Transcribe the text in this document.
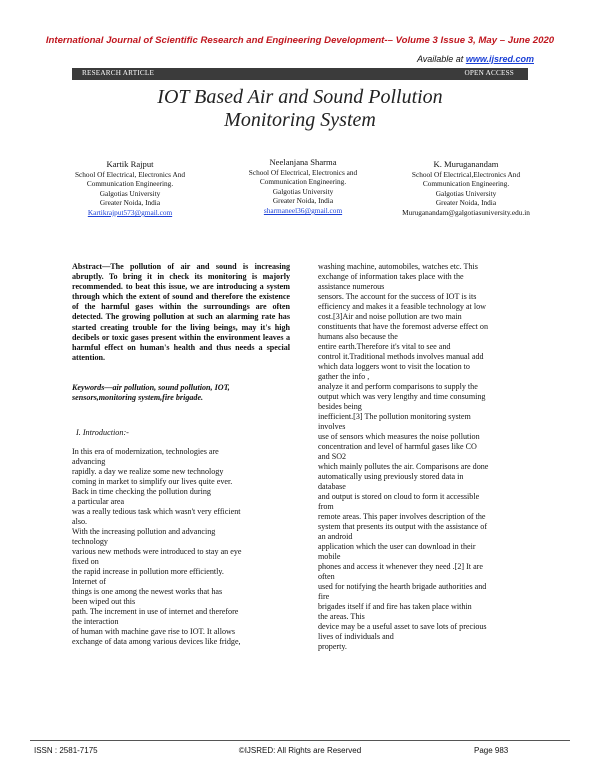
International Journal of Scientific Research and Engineering Development-– Volume 3 Issue 3, May – June 2020
Available at www.ijsred.com
RESEARCH ARTICLE	OPEN ACCESS
IOT Based Air and Sound Pollution
Monitoring System
Kartik Rajput
School Of Electrical, Electronics And
Communication Engineering.
Galgotias University
Greater Noida, India
Kartikrajput573@gmail.com
Neelanjana Sharma
School Of Electrical, Electronics and
Communication Engineering.
Galgotias University
Greater Noida, India
sharmaneel36@gmail.com
K. Muruganandam
School Of Electrical,Electronics And
Communication Engineering.
Galgotias University
Greater Noida, India
Muruganandam@galgotiasuniversity.edu.in
Abstract—The pollution of air and sound is increasing abruptly. To bring it in check its monitoring is majorly recommended. to beat this issue, we are introducing a system through which the extent of sound and therefore the existence of the harmful gases within the surroundings are often detected. The growing pollution at such an alarming rate has started creating trouble for the living beings, may it's high decibels or toxic gases present within the environment leaves a harmful effect on human's health and thus needs a special attention.
Keywords—air pollution, sound pollution, IOT, sensors,monitoring system,fire brigade.
I. Introduction:-

In this era of modernization, technologies are

advancing

rapidly. a day we realize some new technology

coming in market to simplify our lives quite ever.

Back in time checking the pollution during

a particular area

was a really tedious task which wasn't very efficient

also.

With the increasing pollution and advancing

technology

various new methods were introduced to stay an eye

fixed on

the rapid increase in pollution more efficiently.

Internet of

things is one among the newest works that has

been wiped out this

path. The increment in use of internet and therefore

the interaction

of human with machine gave rise to IOT. It allows

exchange of data among various devices like fridge,

washing machine, automobiles, watches etc. This

exchange of information takes place with the

assistance numerous

sensors. The account for the success of IOT is its

efficiency and makes it a feasible technology at low

cost.[3]Air and noise pollution are two main

constituents that have the foremost adverse effect on

humans also because the

entire earth.Therefore it's vital to see and

control it.Traditional methods involves manual add

which data loggers wont to visit the location to

gather the info ,

analyze it and perform comparisons to supply the

output which was very lengthy and time consuming

besides being

inefficient.[3] The pollution monitoring system

involves

use of sensors which measures the noise pollution

concentration and level of harmful gases like CO

and SO2

which mainly pollutes the air. Comparisons are done

automatically using previously stored data in

database

and output is stored on cloud to form it accessible

from

remote areas. This paper involves description of the

system that presents its output with the assistance of

an android

application which the user can download in their

mobile

phones and access it whenever they need .[2] It are

often

used for notifying the hearth brigade authorities and

fire

brigades itself if and fire has taken place within

the areas. This

device may be a useful asset to save lots of precious

lives of individuals and

property.

ISSN : 2581-7175	©IJSRED: All Rights are Reserved	Page 983
